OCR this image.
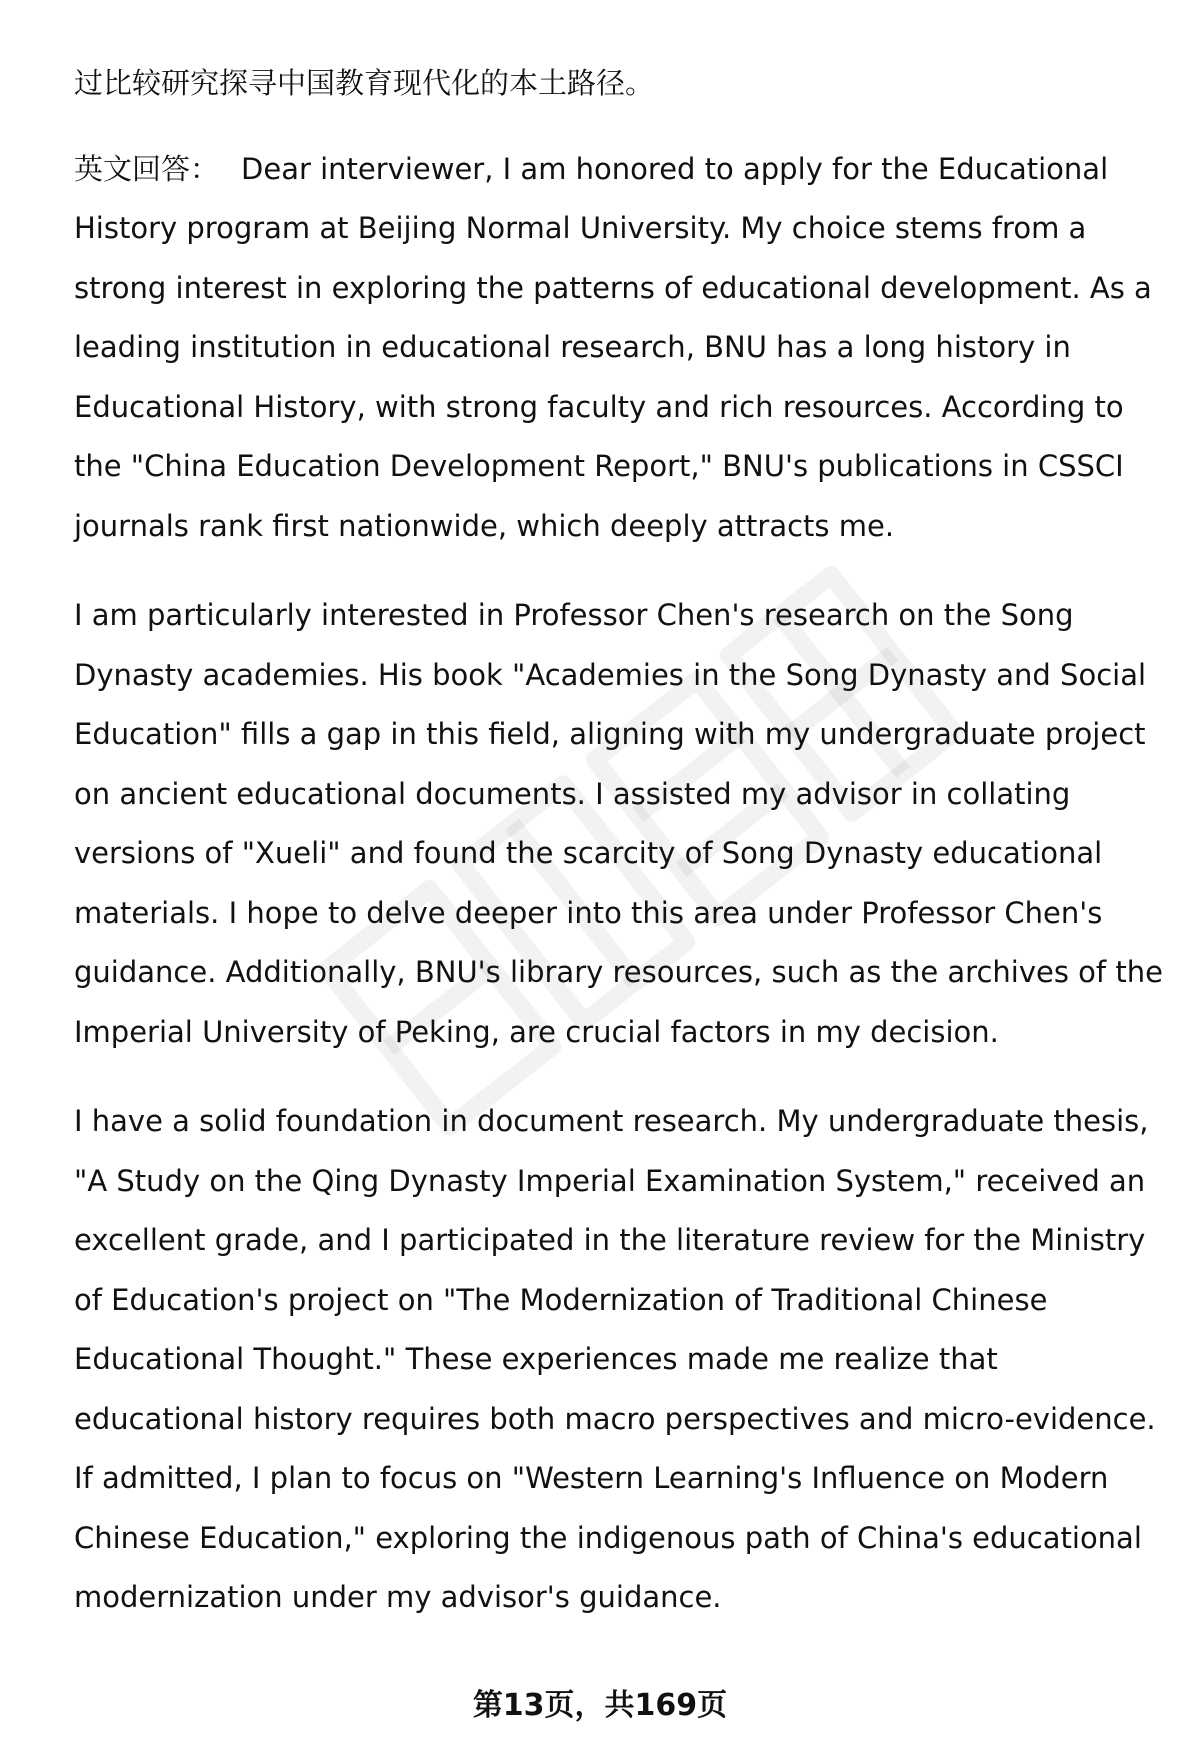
过比较研究探寻中国教育现代化的本土路径。

英文回答： Dear interviewer, I am honored to apply for the Educational History program at Beijing Normal University. My choice stems from a strong interest in exploring the patterns of educational development. As a leading institution in educational research, BNU has a long history in Educational History, with strong faculty and rich resources. According to the "China Education Development Report," BNU's publications in CSSCI journals rank first nationwide, which deeply attracts me.

I am particularly interested in Professor Chen's research on the Song Dynasty academies. His book "Academies in the Song Dynasty and Social Education" fills a gap in this field, aligning with my undergraduate project on ancient educational documents. I assisted my advisor in collating versions of "Xueli" and found the scarcity of Song Dynasty educational materials. I hope to delve deeper into this area under Professor Chen's guidance. Additionally, BNU's library resources, such as the archives of the Imperial University of Peking, are crucial factors in my decision.

I have a solid foundation in document research. My undergraduate thesis, "A Study on the Qing Dynasty Imperial Examination System," received an excellent grade, and I participated in the literature review for the Ministry of Education's project on "The Modernization of Traditional Chinese Educational Thought." These experiences made me realize that educational history requires both macro perspectives and micro-evidence. If admitted, I plan to focus on "Western Learning's Influence on Modern Chinese Education," exploring the indigenous path of China's educational modernization under my advisor's guidance.

第13页，共169页
